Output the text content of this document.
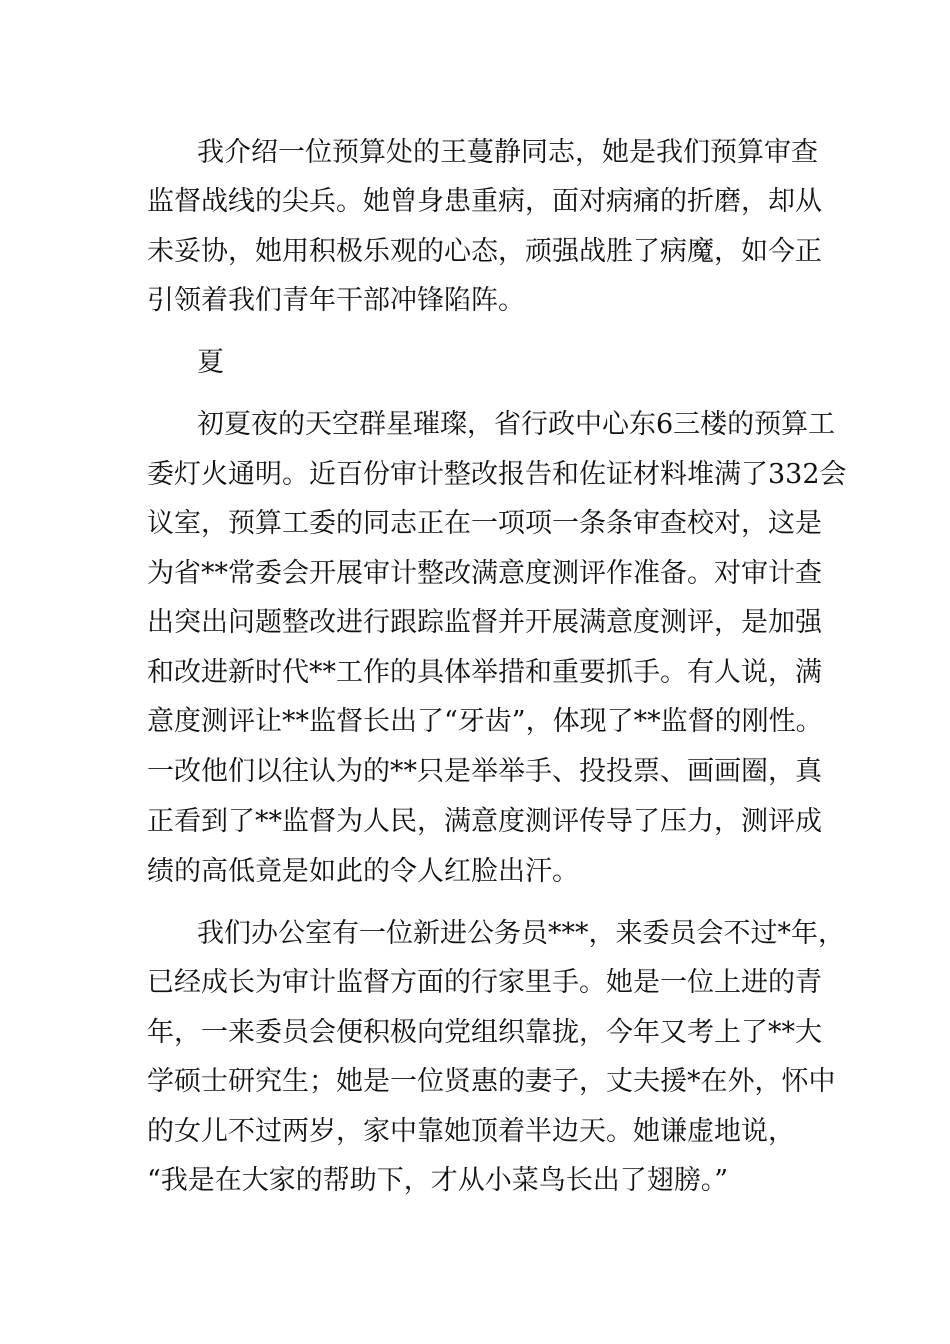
我介绍一位预算处的王蔓静同志，她是我们预算审查
监督战线的尖兵。她曾身患重病，面对病痛的折磨，却从
未妥协，她用积极乐观的心态，顽强战胜了病魔，如今正
引领着我们青年干部冲锋陷阵。
夏
初夏夜的天空群星璀璨，省行政中心东6三楼的预算工
委灯火通明。近百份审计整改报告和佐证材料堆满了332会
议室，预算工委的同志正在一项项一条条审查校对，这是
为省**常委会开展审计整改满意度测评作准备。对审计查
出突出问题整改进行跟踪监督并开展满意度测评，是加强
和改进新时代**工作的具体举措和重要抓手。有人说，满
意度测评让**监督长出了“牙齿”，体现了**监督的刚性。
一改他们以往认为的**只是举举手、投投票、画画圈，真
正看到了**监督为人民，满意度测评传导了压力，测评成
绩的高低竟是如此的令人红脸出汗。
我们办公室有一位新进公务员***，来委员会不过*年，
已经成长为审计监督方面的行家里手。她是一位上进的青
年，一来委员会便积极向党组织靠拢，今年又考上了**大
学硕士研究生；她是一位贤惠的妻子，丈夫援*在外，怀中
的女儿不过两岁，家中靠她顶着半边天。她谦虚地说，
“我是在大家的帮助下，才从小菜鸟长出了翅膀。”
